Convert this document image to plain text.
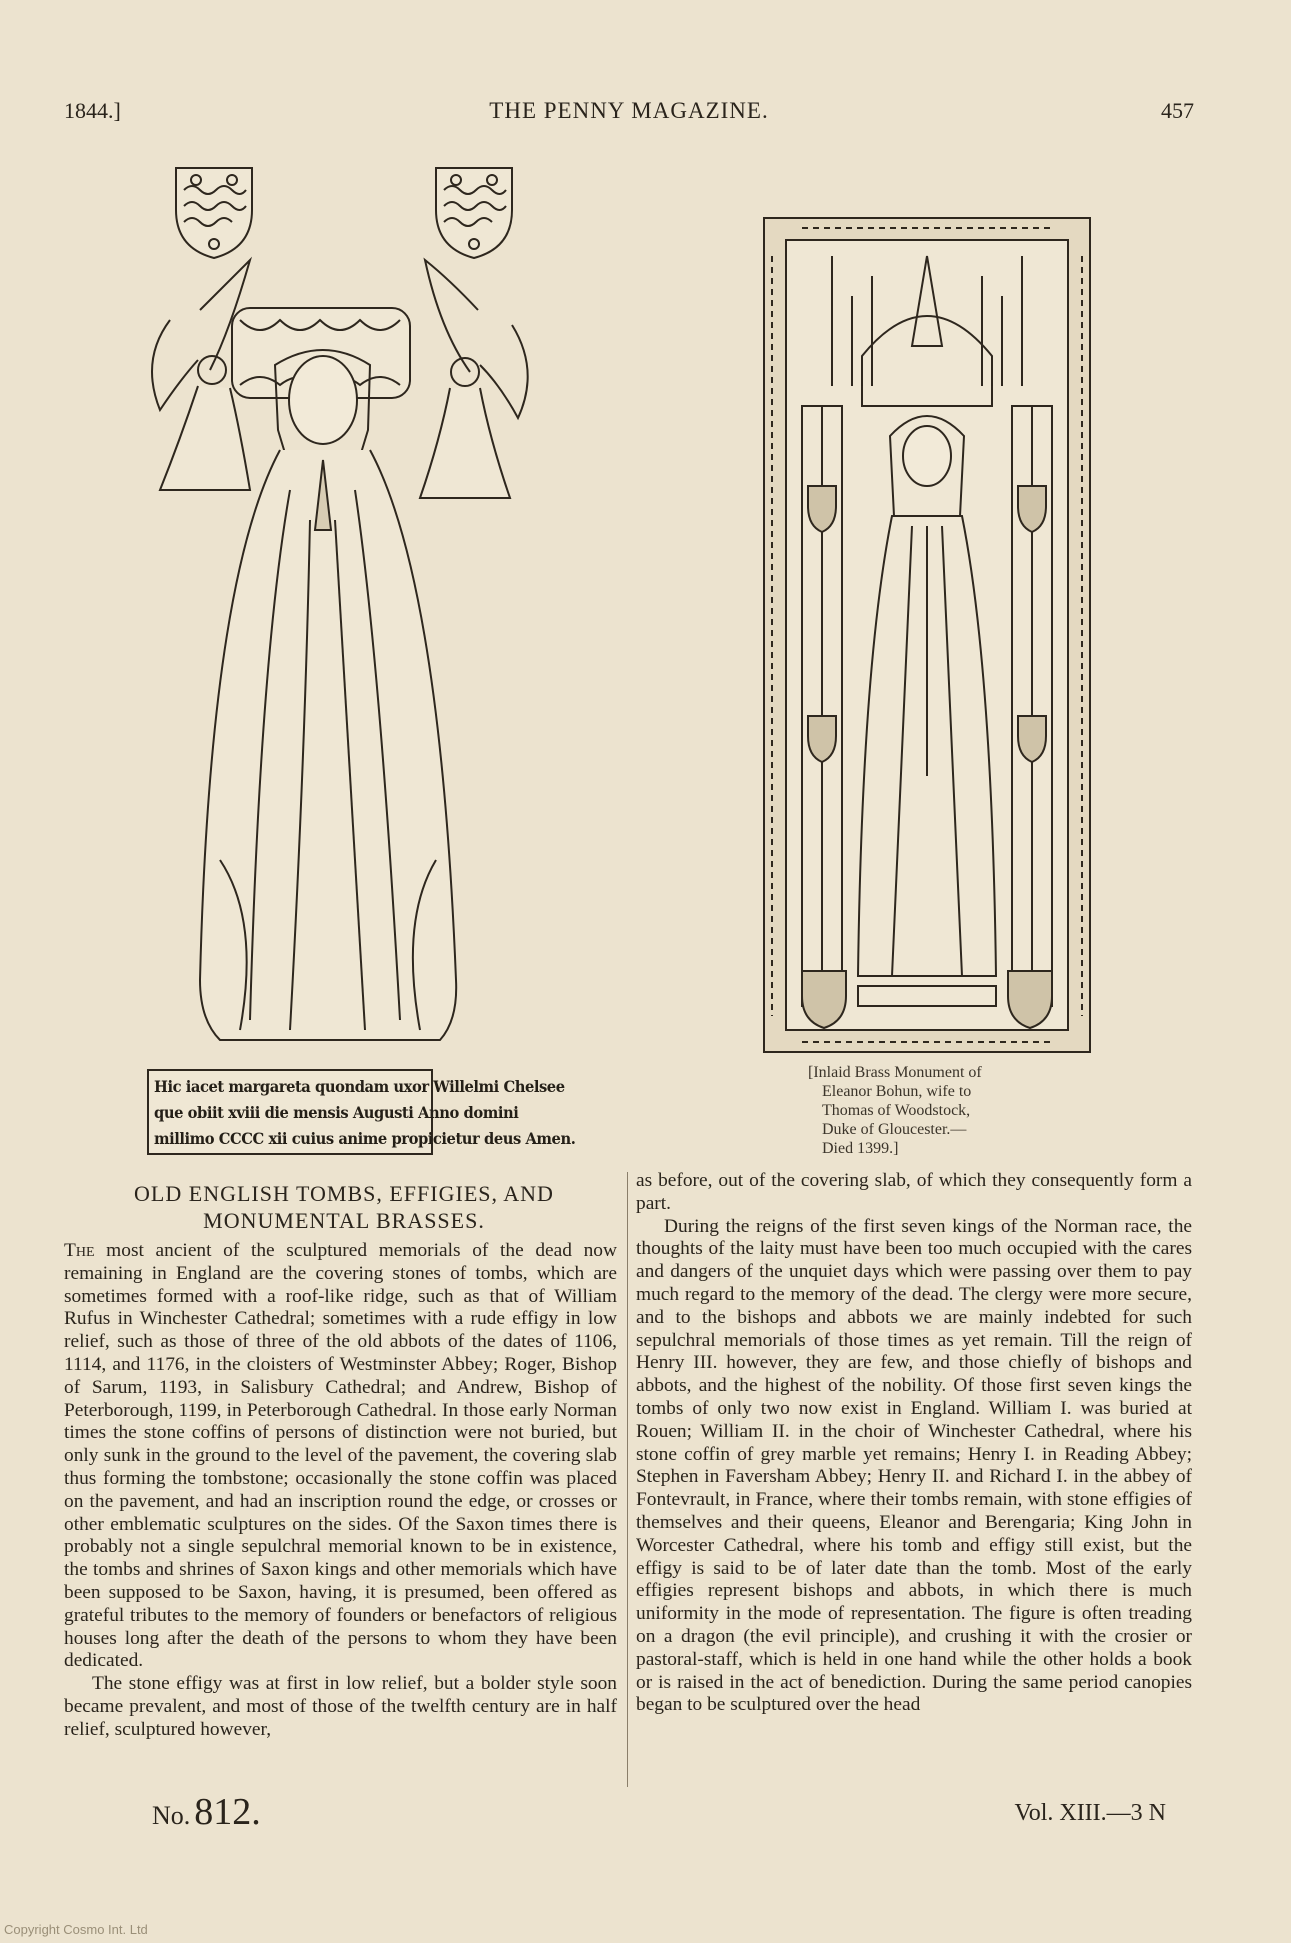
1844.]	THE PENNY MAGAZINE.	457
Hic iacet margareta quondam uxor Willelmi Chelsee
que obiit xviii die mensis Augusti Anno domini
millimo CCCC xii cuius anime propicietur deus Amen.

[Inlaid Brass Monument of

Eleanor Bohun, wife to

Thomas of Woodstock,

Duke of Gloucester.—

Died 1399.]

OLD ENGLISH TOMBS, EFFIGIES, AND
MONUMENTAL BRASSES.

The most ancient of the sculptured memorials of the dead now remaining in England are the covering stones of tombs, which are sometimes formed with a roof-like ridge, such as that of William Rufus in Winchester Cathedral; sometimes with a rude effigy in low relief, such as those of three of the old abbots of the dates of 1106, 1114, and 1176, in the cloisters of Westminster Abbey; Roger, Bishop of Sarum, 1193, in Salisbury Cathedral; and Andrew, Bishop of Peterborough, 1199, in Peterborough Cathedral. In those early Norman times the stone coffins of persons of distinction were not buried, but only sunk in the ground to the level of the pavement, the covering slab thus forming the tombstone; occasionally the stone coffin was placed on the pavement, and had an inscription round the edge, or crosses or other emblematic sculptures on the sides. Of the Saxon times there is probably not a single sepulchral memorial known to be in existence, the tombs and shrines of Saxon kings and other memorials which have been supposed to be Saxon, having, it is presumed, been offered as grateful tributes to the memory of founders or benefactors of religious houses long after the death of the persons to whom they have been dedicated.

The stone effigy was at first in low relief, but a bolder style soon became prevalent, and most of those of the twelfth century are in half relief, sculptured however,

as before, out of the covering slab, of which they consequently form a part.

During the reigns of the first seven kings of the Norman race, the thoughts of the laity must have been too much occupied with the cares and dangers of the unquiet days which were passing over them to pay much regard to the memory of the dead. The clergy were more secure, and to the bishops and abbots we are mainly indebted for such sepulchral memorials of those times as yet remain. Till the reign of Henry III. however, they are few, and those chiefly of bishops and abbots, and the highest of the nobility. Of those first seven kings the tombs of only two now exist in England. William I. was buried at Rouen; William II. in the choir of Winchester Cathedral, where his stone coffin of grey marble yet remains; Henry I. in Reading Abbey; Stephen in Faversham Abbey; Henry II. and Richard I. in the abbey of Fontevrault, in France, where their tombs remain, with stone effigies of themselves and their queens, Eleanor and Berengaria; King John in Worcester Cathedral, where his tomb and effigy still exist, but the effigy is said to be of later date than the tomb. Most of the early effigies represent bishops and abbots, in which there is much uniformity in the mode of representation. The figure is often treading on a dragon (the evil principle), and crushing it with the crosier or pastoral-staff, which is held in one hand while the other holds a book or is raised in the act of benediction. During the same period canopies began to be sculptured over the head

No. 812.	Vol. XIII.—3 N
Copyright Cosmo Int. Ltd
